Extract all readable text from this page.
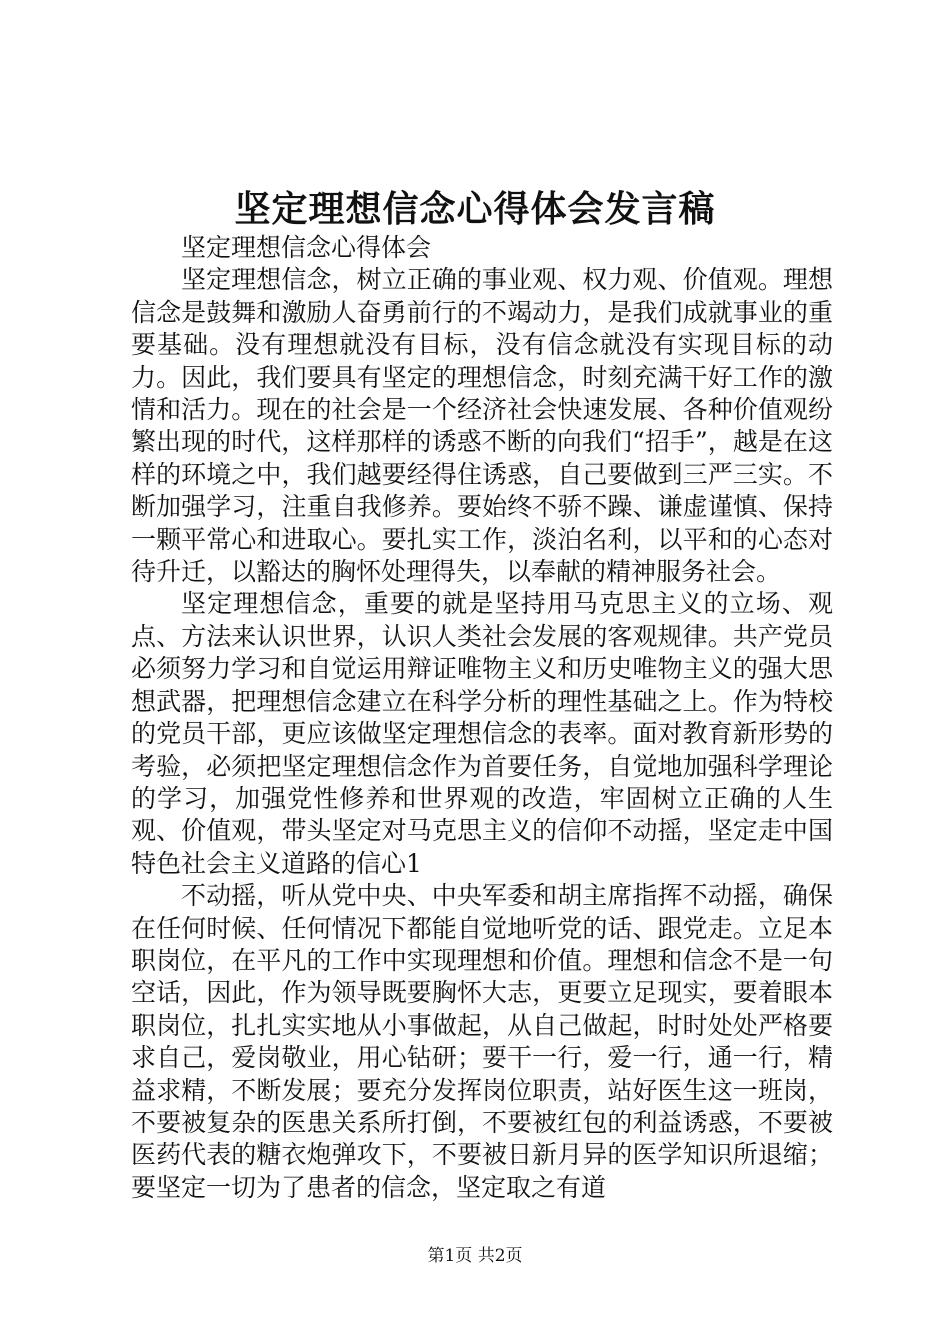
坚定理想信念心得体会发言稿

坚定理想信念心得体会

坚定理想信念，树立正确的事业观、权力观、价值观。理想信念是鼓舞和激励人奋勇前行的不竭动力，是我们成就事业的重要基础。没有理想就没有目标，没有信念就没有实现目标的动力。因此，我们要具有坚定的理想信念，时刻充满干好工作的激情和活力。现在的社会是一个经济社会快速发展、各种价值观纷繁出现的时代，这样那样的诱惑不断的向我们“招手”，越是在这样的环境之中，我们越要经得住诱惑，自己要做到三严三实。不断加强学习，注重自我修养。要始终不骄不躁、谦虚谨慎、保持一颗平常心和进取心。要扎实工作，淡泊名利，以平和的心态对待升迁，以豁达的胸怀处理得失，以奉献的精神服务社会。

坚定理想信念，重要的就是坚持用马克思主义的立场、观点、方法来认识世界，认识人类社会发展的客观规律。共产党员必须努力学习和自觉运用辩证唯物主义和历史唯物主义的强大思想武器，把理想信念建立在科学分析的理性基础之上。作为特校的党员干部，更应该做坚定理想信念的表率。面对教育新形势的考验，必须把坚定理想信念作为首要任务，自觉地加强科学理论的学习，加强党性修养和世界观的改造，牢固树立正确的人生观、价值观，带头坚定对马克思主义的信仰不动摇，坚定走中国特色社会主义道路的信心1

不动摇，听从党中央、中央军委和胡主席指挥不动摇，确保在任何时候、任何情况下都能自觉地听党的话、跟党走。立足本职岗位，在平凡的工作中实现理想和价值。理想和信念不是一句空话，因此，作为领导既要胸怀大志，更要立足现实，要着眼本职岗位，扎扎实实地从小事做起，从自己做起，时时处处严格要求自己，爱岗敬业，用心钻研；要干一行，爱一行，通一行，精益求精，不断发展；要充分发挥岗位职责，站好医生这一班岗，不要被复杂的医患关系所打倒，不要被红包的利益诱惑，不要被医药代表的糖衣炮弹攻下，不要被日新月异的医学知识所退缩；要坚定一切为了患者的信念，坚定取之有道

第1页 共2页
